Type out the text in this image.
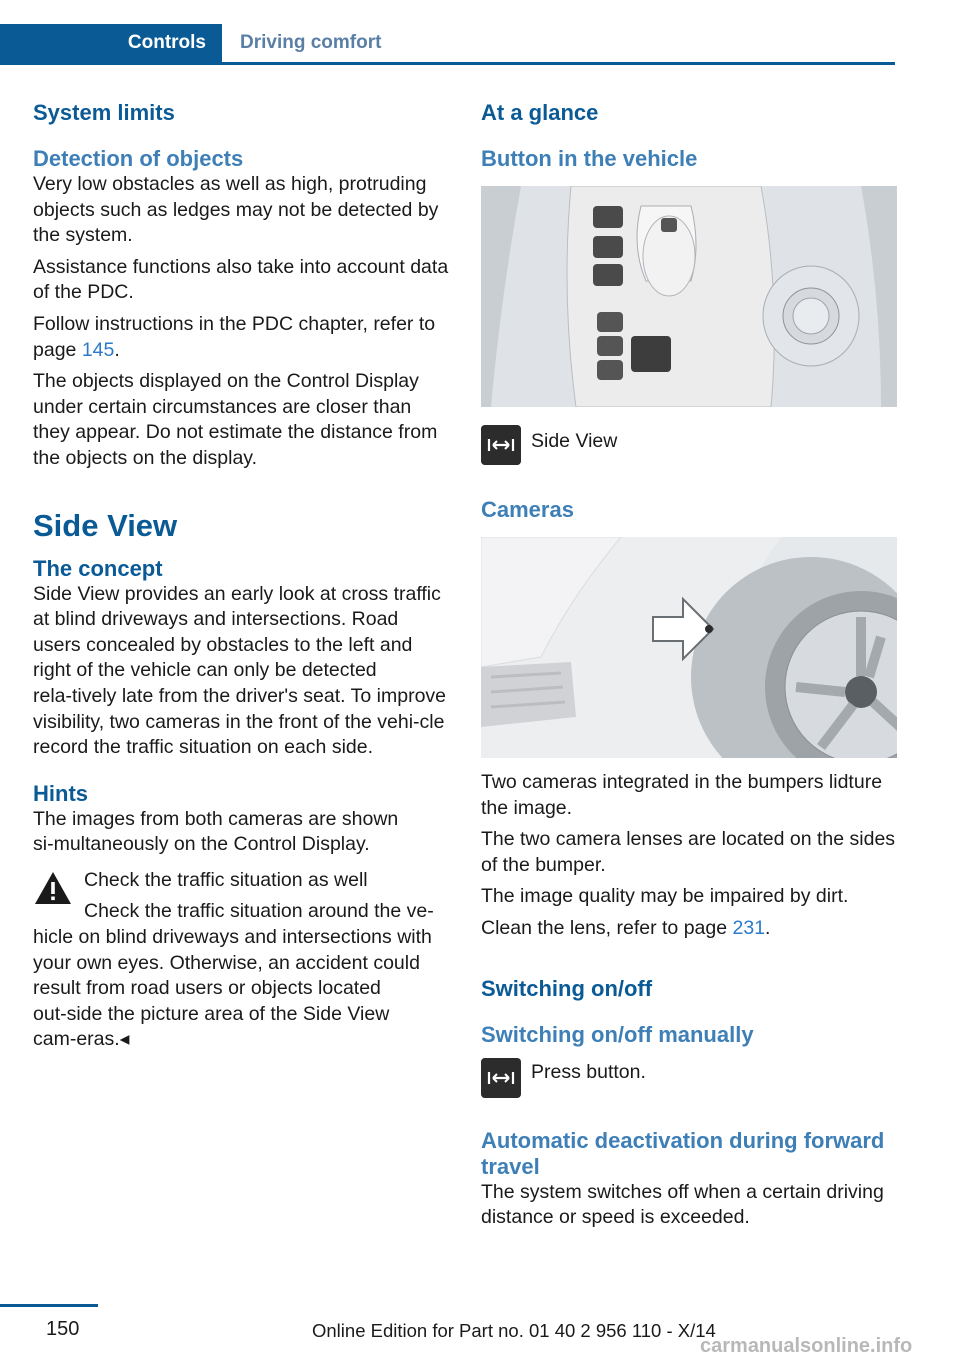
Controls	Driving comfort
System limits
Detection of objects

Very low obstacles as well as high, protruding objects such as ledges may not be detected by the system.

Assistance functions also take into account data of the PDC.

Follow instructions in the PDC chapter, refer to page 145.

The objects displayed on the Control Display under certain circumstances are closer than they appear. Do not estimate the distance from the objects on the display.

Side View
The concept

Side View provides an early look at cross traffic at blind driveways and intersections. Road users concealed by obstacles to the left and right of the vehicle can only be detected rela‑tively late from the driver's seat. To improve visibility, two cameras in the front of the vehi‑cle record the traffic situation on each side.

Hints

The images from both cameras are shown si‑multaneously on the Control Display.

Check the traffic situation as well

Check the traffic situation around the ve‑

hicle on blind driveways and intersections with your own eyes. Otherwise, an accident could result from road users or objects located out‑side the picture area of the Side View cam‑eras.◂

At a glance
Button in the vehicle

Side View

Cameras

Two cameras integrated in the bumpers lidture the image.

The two camera lenses are located on the sides of the bumper.

The image quality may be impaired by dirt.

Clean the lens, refer to page 231.

Switching on/off
Switching on/off manually

Press button.

Automatic deactivation during forward travel

The system switches off when a certain driving distance or speed is exceeded.

150	Online Edition for Part no. 01 40 2 956 110 - X/14
carmanualsonline.info
